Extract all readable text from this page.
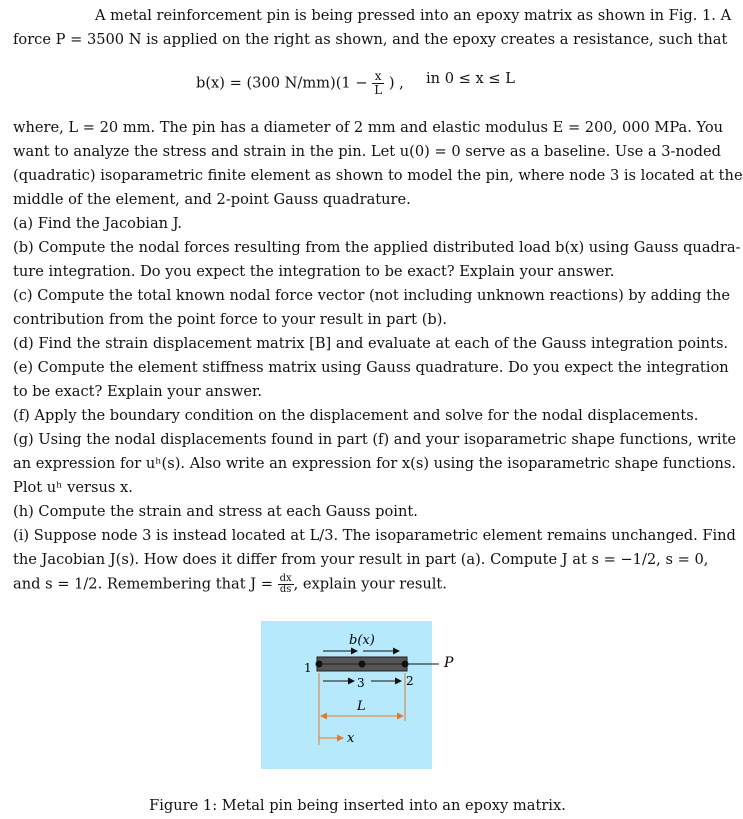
A metal reinforcement pin is being pressed into an epoxy matrix as shown in Fig. 1. A
force P = 3500 N is applied on the right as shown, and the epoxy creates a resistance, such that
b(x) = (300 $N/mm)(1 - \frac{x}{L}$ ) , in 0 ≤ x ≤ L
where, L = 20 mm. The pin has a diameter of 2 mm and elastic modulus E = 200, 000 MPa. You
want to analyze the stress and strain in the pin. Let u(0) = 0 serve as a baseline. Use a 3-noded
(quadratic) isoparametric finite element as shown to model the pin, where node 3 is located at the
middle of the element, and 2-point Gauss quadrature.
(a) Find the Jacobian J.
(b) Compute the nodal forces resulting from the applied distributed load b(x) using Gauss quadra-
ture integration. Do you expect the integration to be exact? Explain your answer.
(c) Compute the total known nodal force vector (not including unknown reactions) by adding the
contribution from the point force to your result in part (b).
(d) Find the strain displacement matrix [B] and evaluate at each of the Gauss integration points.
(e) Compute the element stiffness matrix using Gauss quadrature. Do you expect the integration
to be exact? Explain your answer.
(f) Apply the boundary condition on the displacement and solve for the nodal displacements.
(g) Using the nodal displacements found in part (f) and your isoparametric shape functions, write
an expression for uʰ(s). Also write an expression for x(s) using the isoparametric shape functions.
Plot uʰ versus x.
(h) Compute the strain and stress at each Gauss point.
(i) Suppose node 3 is instead located at L/3. The isoparametric element remains unchanged. Find
the Jacobian J(s). How does it differ from your result in part (a). Compute J at s = −1/2, s = 0,
and s = 1/2. Remembering that $J = \frac{dx}{ds}$ , explain your result.
b(x)
1
3	2
P
L
x
Figure 1: Metal pin being inserted into an epoxy matrix.
